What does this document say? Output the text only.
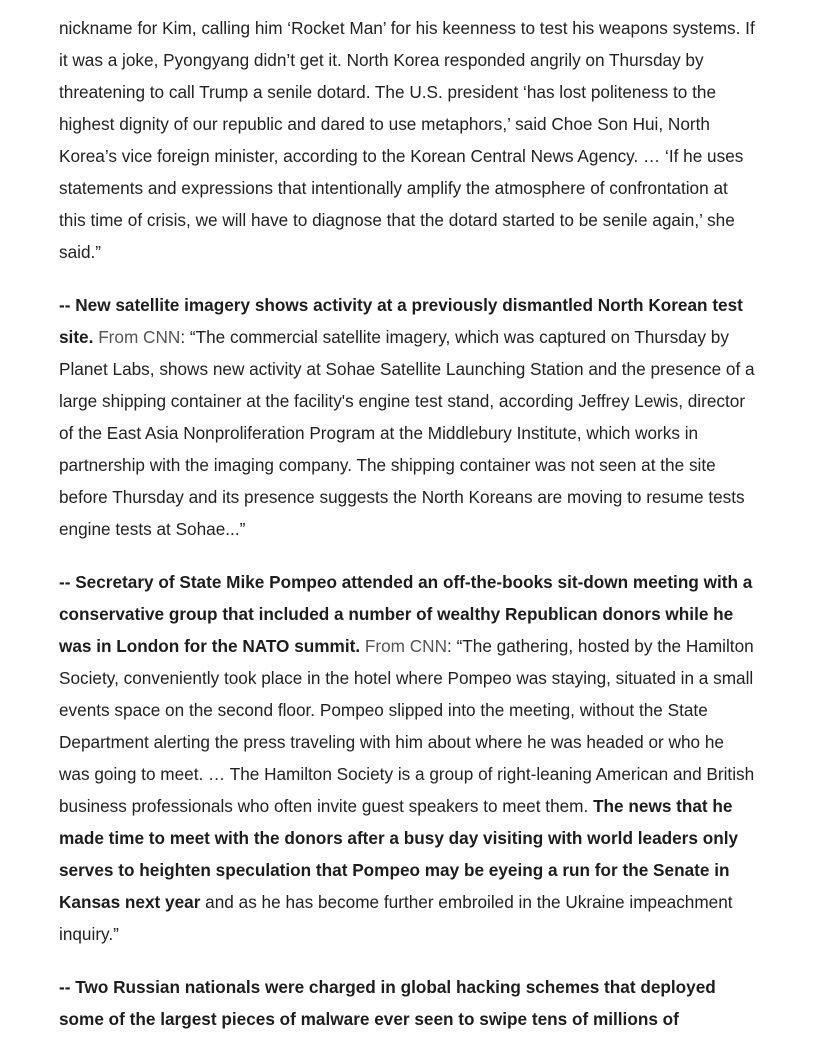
nickname for Kim, calling him ‘Rocket Man’ for his keenness to test his weapons systems. If it was a joke, Pyongyang didn’t get it. North Korea responded angrily on Thursday by threatening to call Trump a senile dotard. The U.S. president ‘has lost politeness to the highest dignity of our republic and dared to use metaphors,’ said Choe Son Hui, North Korea’s vice foreign minister, according to the Korean Central News Agency. … ‘If he uses statements and expressions that intentionally amplify the atmosphere of confrontation at this time of crisis, we will have to diagnose that the dotard started to be senile again,’ she said.”

-- New satellite imagery shows activity at a previously dismantled North Korean test site. From CNN: “The commercial satellite imagery, which was captured on Thursday by Planet Labs, shows new activity at Sohae Satellite Launching Station and the presence of a large shipping container at the facility's engine test stand, according Jeffrey Lewis, director of the East Asia Nonproliferation Program at the Middlebury Institute, which works in partnership with the imaging company. The shipping container was not seen at the site before Thursday and its presence suggests the North Koreans are moving to resume tests engine tests at Sohae...”

-- Secretary of State Mike Pompeo attended an off-the-books sit-down meeting with a conservative group that included a number of wealthy Republican donors while he was in London for the NATO summit. From CNN: “The gathering, hosted by the Hamilton Society, conveniently took place in the hotel where Pompeo was staying, situated in a small events space on the second floor. Pompeo slipped into the meeting, without the State Department alerting the press traveling with him about where he was headed or who he was going to meet. … The Hamilton Society is a group of right-leaning American and British business professionals who often invite guest speakers to meet them. The news that he made time to meet with the donors after a busy day visiting with world leaders only serves to heighten speculation that Pompeo may be eyeing a run for the Senate in Kansas next year and as he has become further embroiled in the Ukraine impeachment inquiry.”

-- Two Russian nationals were charged in global hacking schemes that deployed some of the largest pieces of malware ever seen to swipe tens of millions of
